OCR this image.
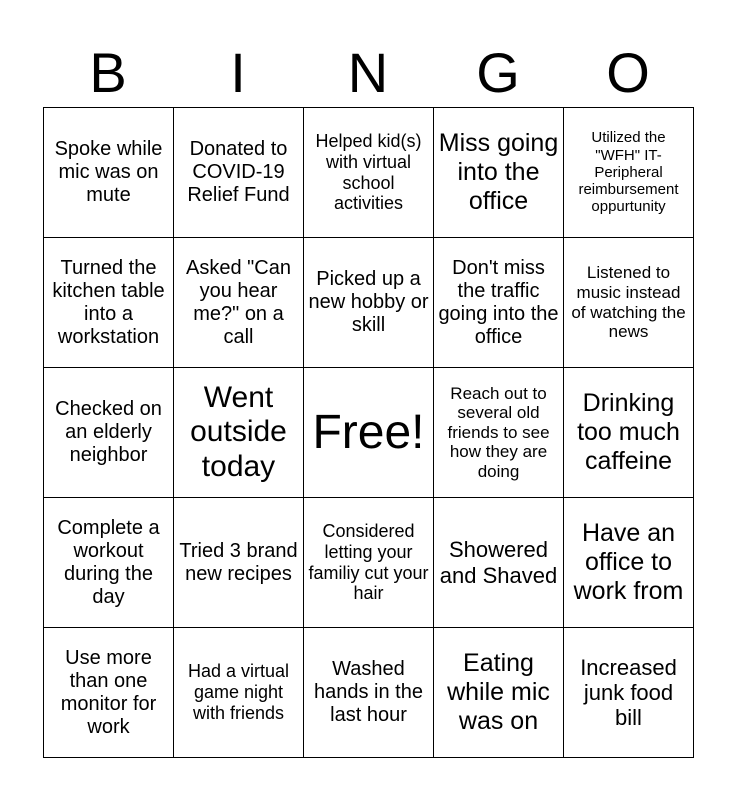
B	I	N	G	O
Spoke while mic was on mute	Donated to COVID-19 Relief Fund	Helped kid(s) with virtual school activities	Miss going into the office	Utilized the "WFH" IT-Peripheral reimbursement oppurtunity
Turned the kitchen table into a workstation	Asked "Can you hear me?" on a call	Picked up a new hobby or skill	Don't miss the traffic going into the office	Listened to music instead of watching the news
Checked on an elderly neighbor	Went outside today	Free!	Reach out to several old friends to see how they are doing	Drinking too much caffeine
Complete a workout during the day	Tried 3 brand new recipes	Considered letting your familiy cut your hair	Showered and Shaved	Have an office to work from
Use more than one monitor for work	Had a virtual game night with friends	Washed hands in the last hour	Eating while mic was on	Increased junk food bill
